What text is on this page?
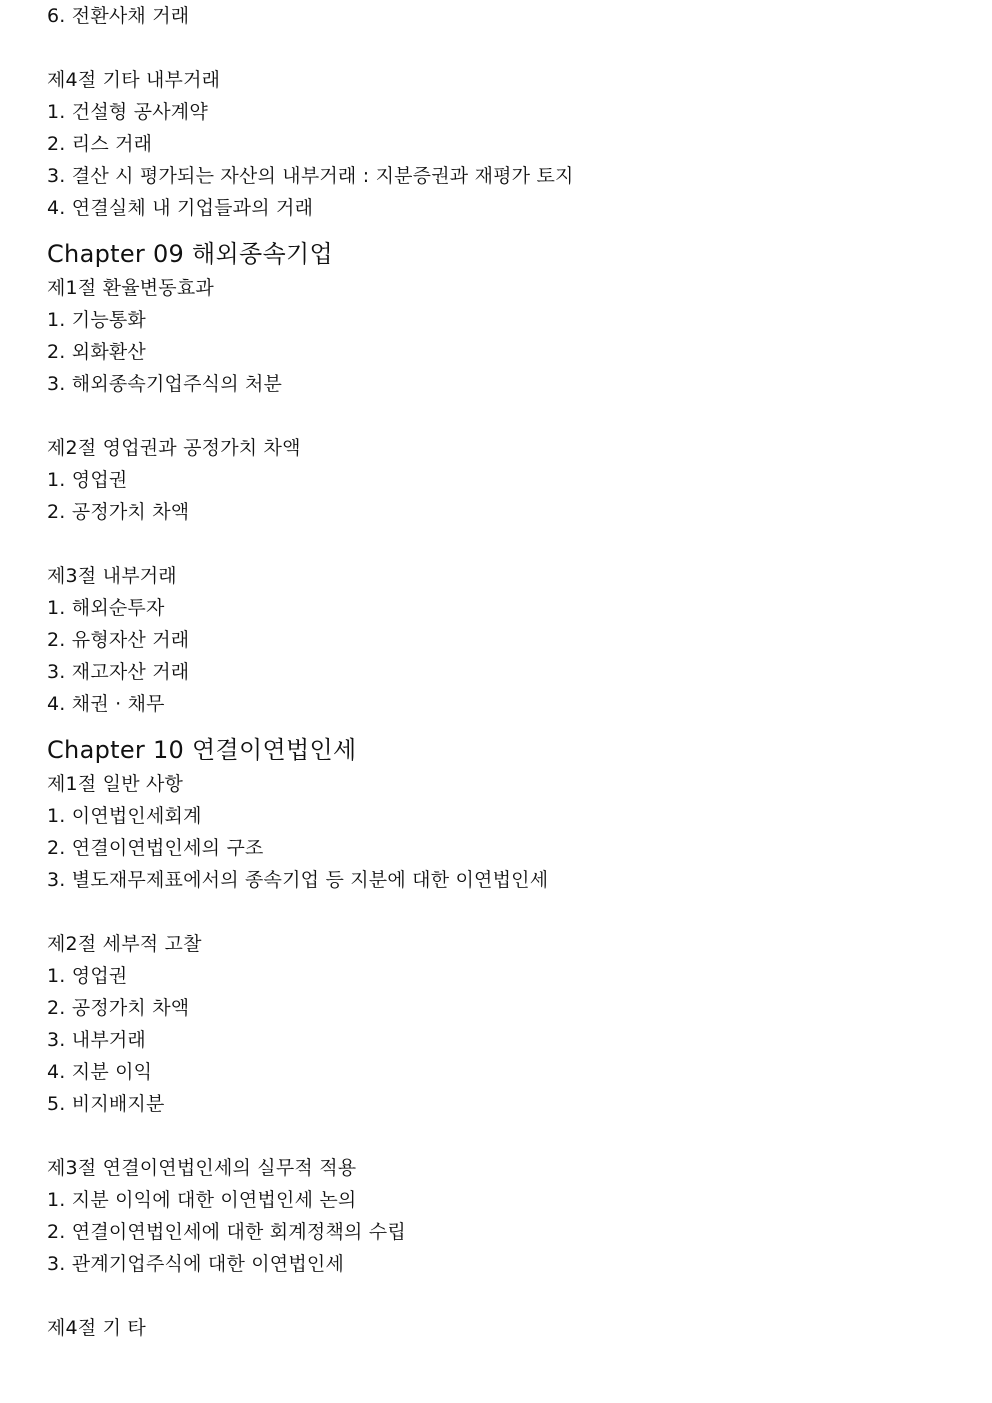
6. 전환사채 거래
제4절 기타 내부거래
1. 건설형 공사계약
2. 리스 거래
3. 결산 시 평가되는 자산의 내부거래 : 지분증권과 재평가 토지
4. 연결실체 내 기업들과의 거래
Chapter 09 해외종속기업
제1절 환율변동효과
1. 기능통화
2. 외화환산
3. 해외종속기업주식의 처분
제2절 영업권과 공정가치 차액
1. 영업권
2. 공정가치 차액
제3절 내부거래
1. 해외순투자
2. 유형자산 거래
3. 재고자산 거래
4. 채권 · 채무
Chapter 10 연결이연법인세
제1절 일반 사항
1. 이연법인세회계
2. 연결이연법인세의 구조
3. 별도재무제표에서의 종속기업 등 지분에 대한 이연법인세
제2절 세부적 고찰
1. 영업권
2. 공정가치 차액
3. 내부거래
4. 지분 이익
5. 비지배지분
제3절 연결이연법인세의 실무적 적용
1. 지분 이익에 대한 이연법인세 논의
2. 연결이연법인세에 대한 회계정책의 수립
3. 관계기업주식에 대한 이연법인세
제4절 기 타
